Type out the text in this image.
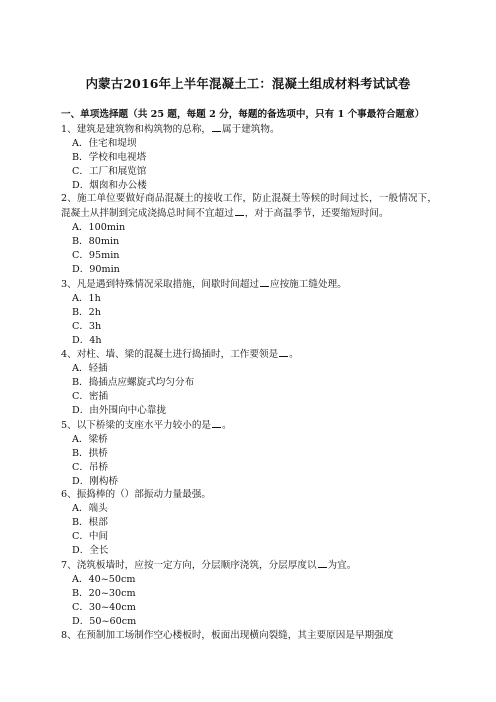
内蒙古2016年上半年混凝土工：混凝土组成材料考试试卷
一、单项选择题（共 25 题，每题 2 分，每题的备选项中，只有 1 个事最符合题意）
1、建筑是建筑物和构筑物的总称， 属于建筑物。
A．住宅和堤坝
B．学校和电视塔
C．工厂和展览馆
D．烟囱和办公楼
2、施工单位要做好商品混凝土的接收工作，防止混凝土等候的时间过长，一般情况下，混凝土从拌制到完成浇捣总时间不宜超过 ，对于高温季节，还要缩短时间。
A．100min
B．80min
C．95min
D．90min
3、凡是遇到特殊情况采取措施，间歇时间超过 应按施工缝处理。
A．1h
B．2h
C．3h
D．4h
4、对柱、墙、梁的混凝土进行捣插时，工作要领是 。
A．轻插
B．捣插点应螺旋式均匀分布
C．密插
D．由外围向中心靠拢
5、以下桥梁的支座水平力较小的是 。
A．梁桥
B．拱桥
C．吊桥
D．刚构桥
6、振捣棒的（）部振动力量最强。
A．端头
B．根部
C．中间
D．全长
7、浇筑板墙时，应按一定方向，分层顺序浇筑，分层厚度以 为宜。
A．40~50cm
B．20~30cm
C．30~40cm
D．50~60cm
8、在预制加工场制作空心楼板时，板面出现横向裂缝，其主要原因是早期强度
